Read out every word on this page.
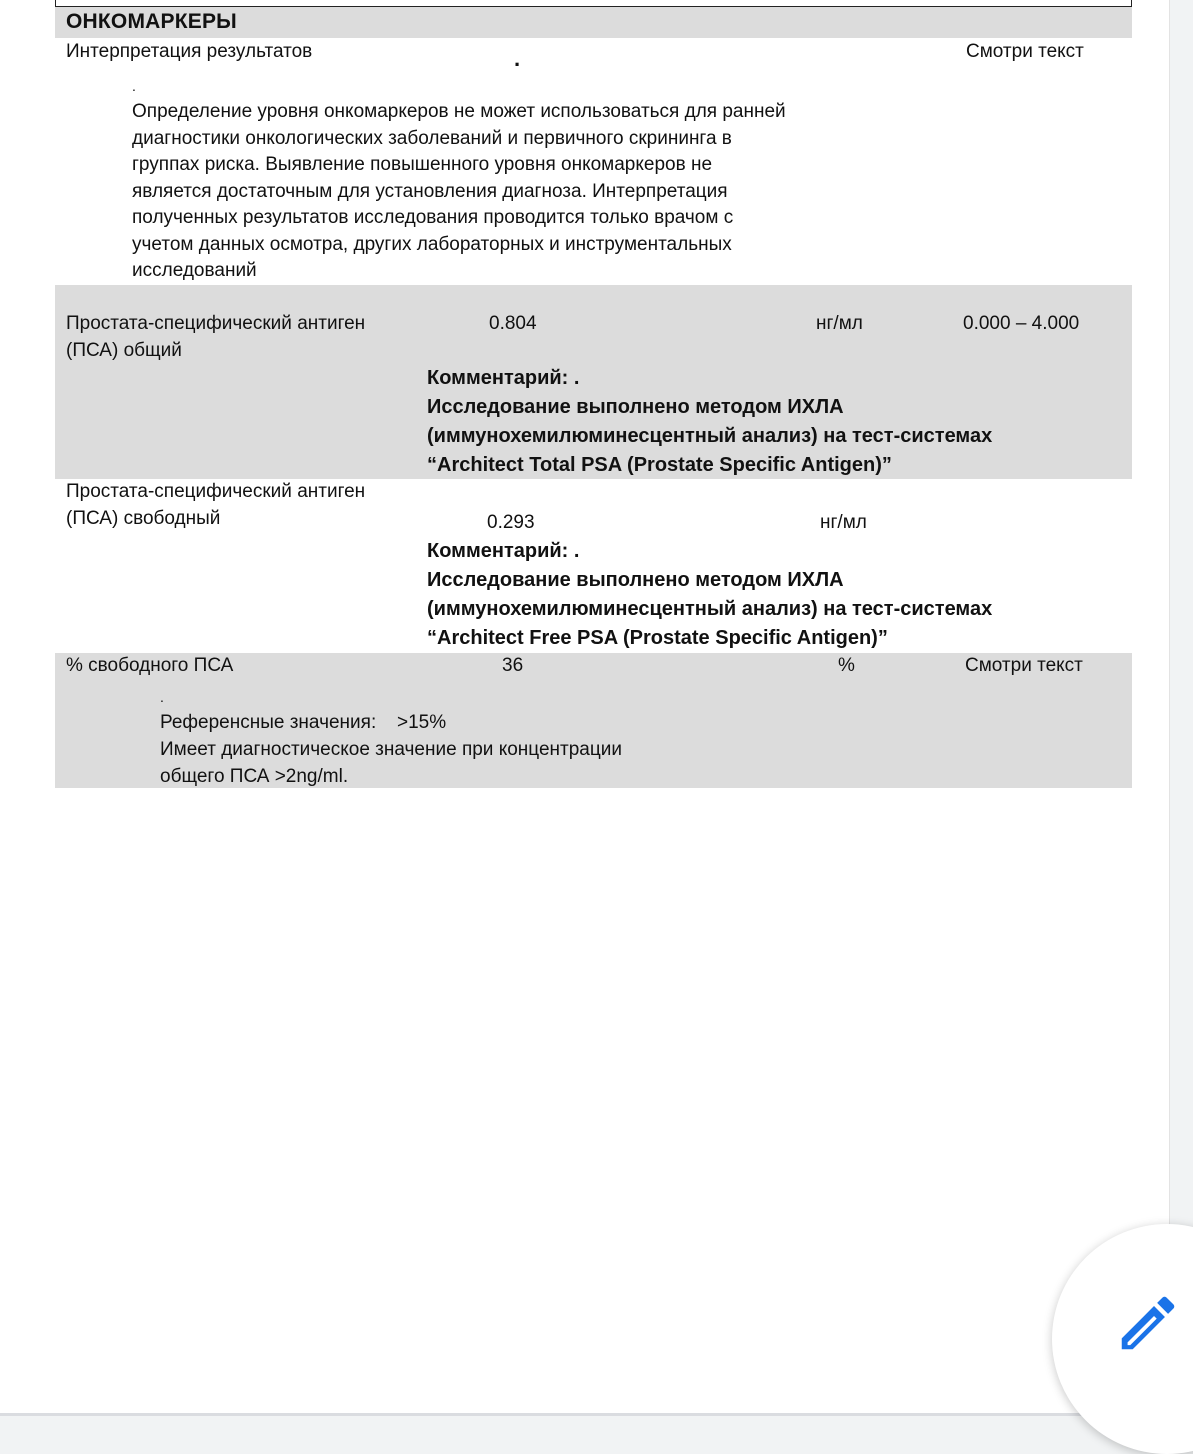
ОНКОМАРКЕРЫ
Интерпретация результатов	.	Смотри текст
.
Определение уровня онкомаркеров не может использоваться для ранней
диагностики онкологических заболеваний и первичного скрининга в
группах риска. Выявление повышенного уровня онкомаркеров не
является достаточным для установления диагноза. Интерпретация
полученных результатов исследования проводится только врачом с
учетом данных осмотра, других лабораторных и инструментальных
исследований
Простата-специфический антиген
(ПСА) общий
0.804	нг/мл	0.000 – 4.000
Комментарий: .
Исследование выполнено методом ИХЛА
(иммунохемилюминесцентный анализ) на тест-системах
“Architect Total PSA (Prostate Specific Antigen)”
Простата-специфический антиген
(ПСА) свободный	0.293	нг/мл
Комментарий: .
Исследование выполнено методом ИХЛА
(иммунохемилюминесцентный анализ) на тест-системах
“Architect Free PSA (Prostate Specific Antigen)”
% свободного ПСА	36	%	Смотри текст
.
Референсные значения: >15%
Имеет диагностическое значение при концентрации
общего ПСА >2ng/ml.
